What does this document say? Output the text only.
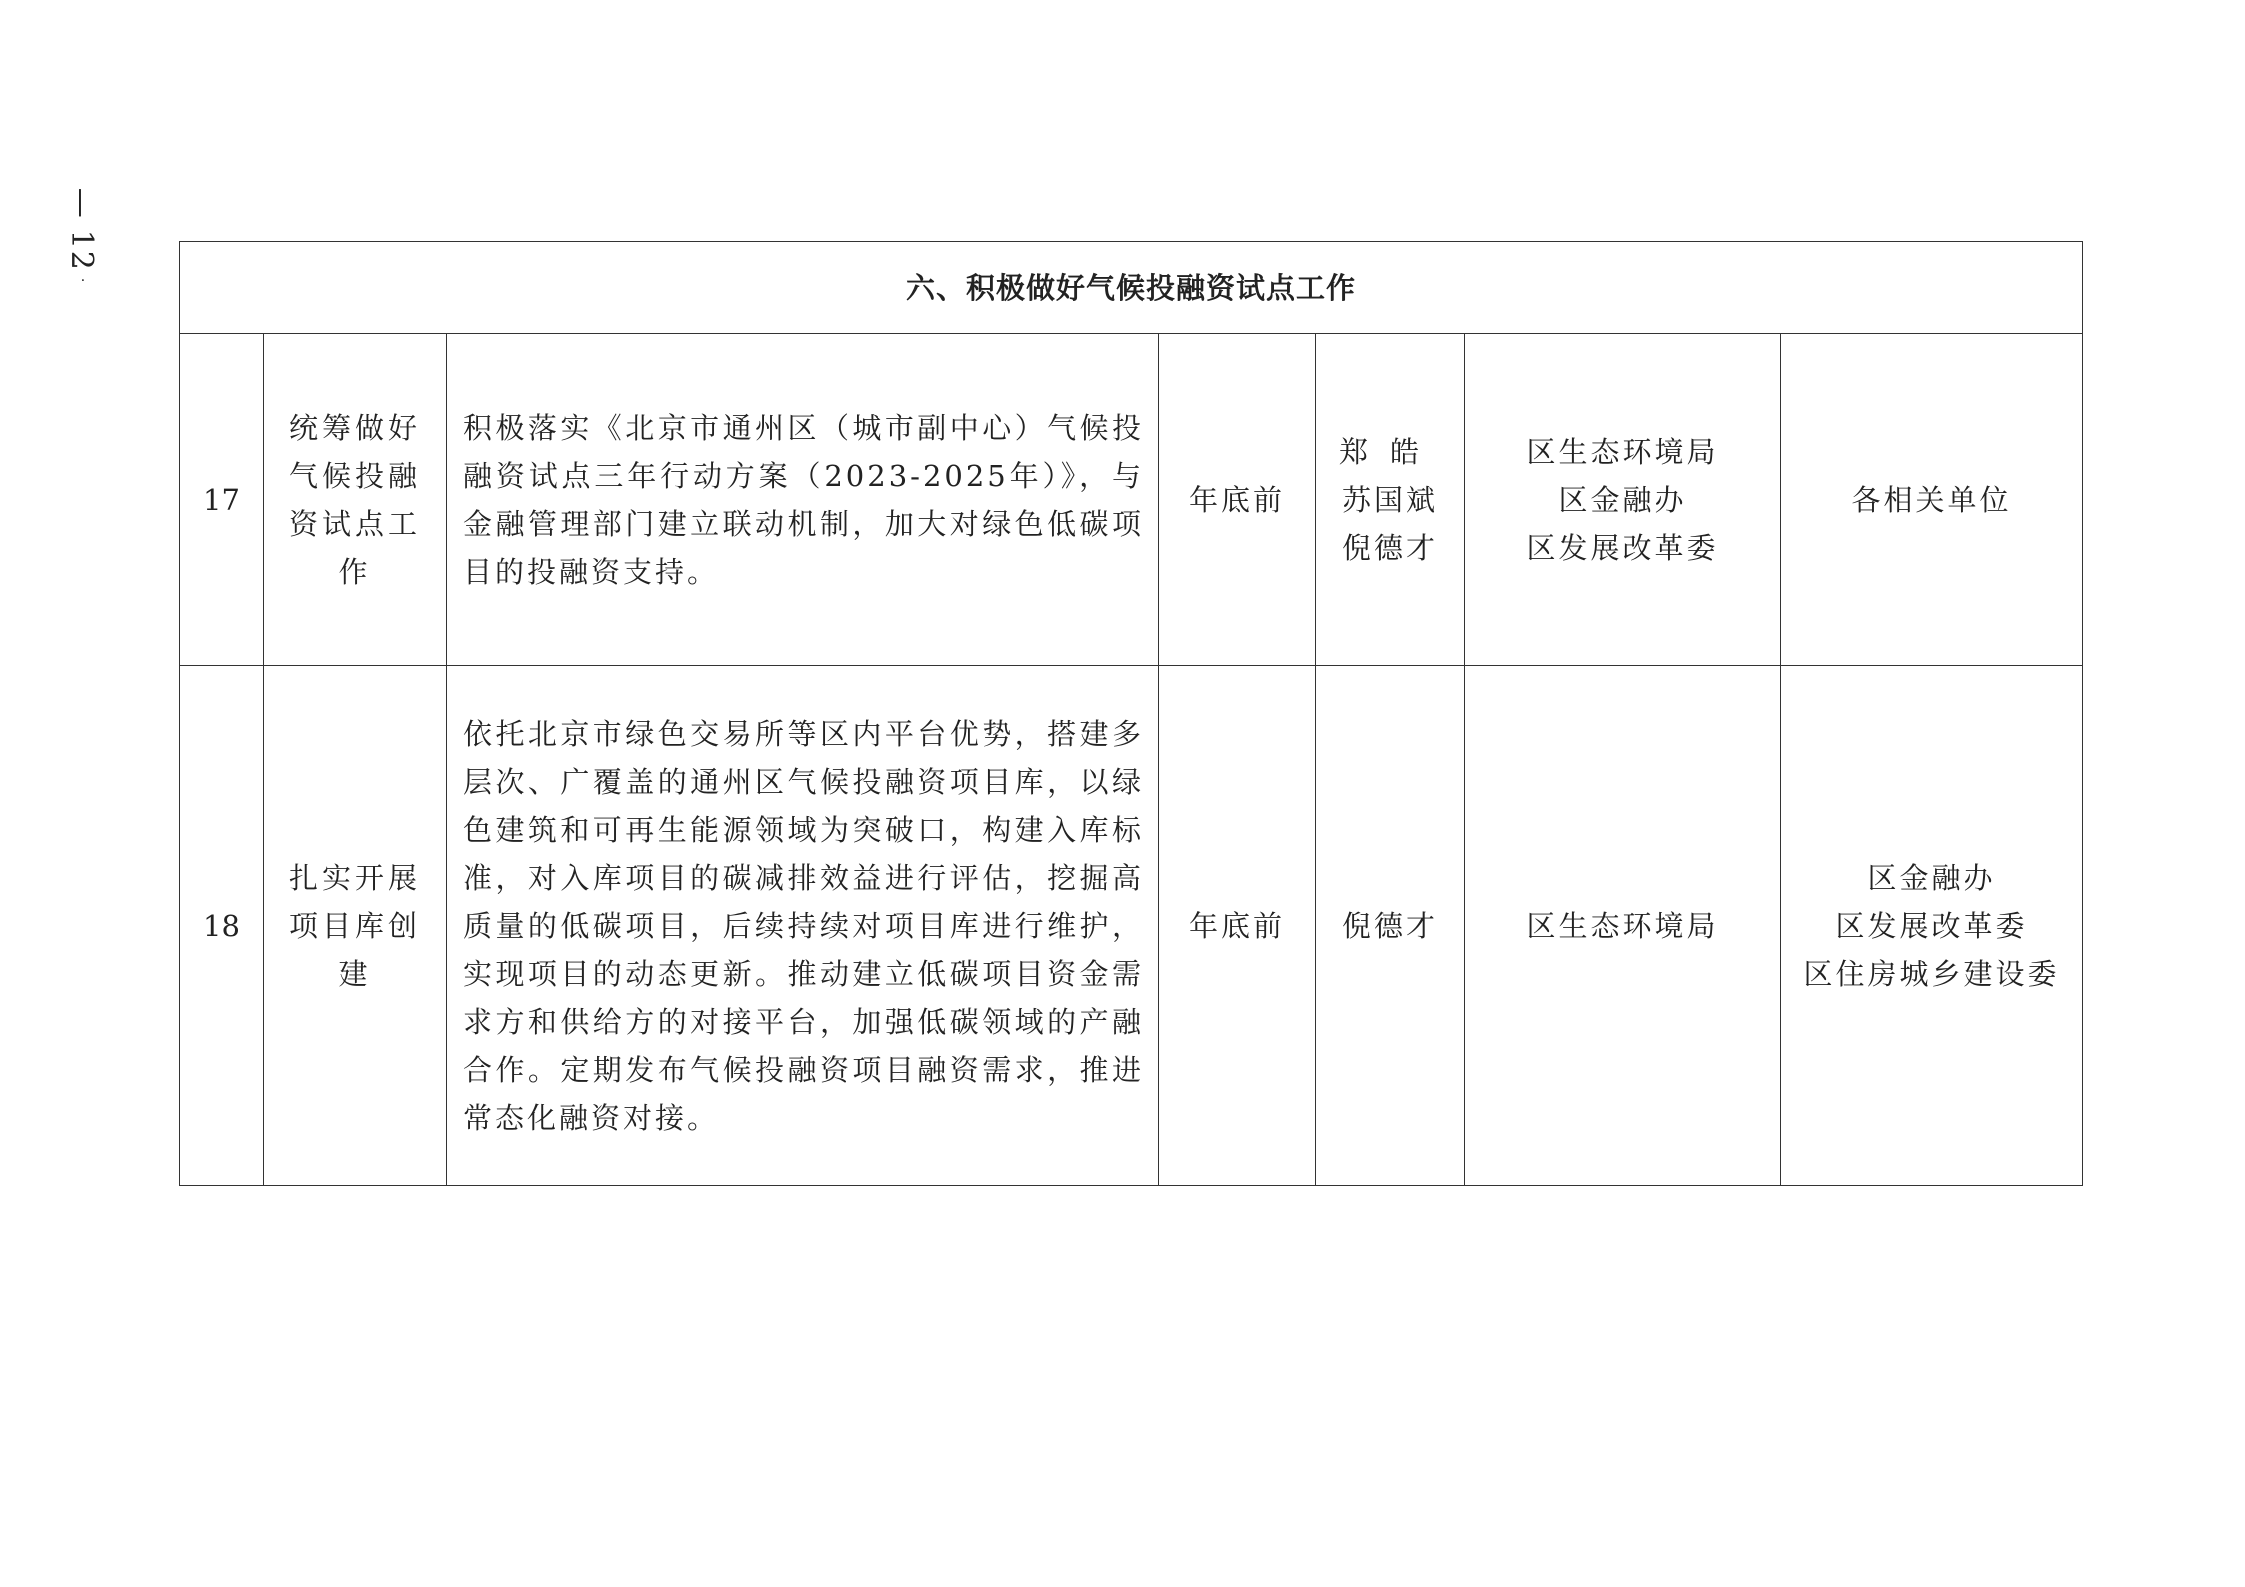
—
12
·	六、积极做好气候投融资试点工作						
17	统筹做好
气候投融
资试点工
作	积极落实《北京市通州区（城市副中心）气候投融资试点三年行动方案（2023-2025年）》，与金融管理部门建立联动机制，加大对绿色低碳项目的投融资支持。	年底前	郑皓
苏国斌
倪德才	区生态环境局
区金融办
区发展改革委	各相关单位

18	扎实开展
项目库创
建	依托北京市绿色交易所等区内平台优势，搭建多层次、广覆盖的通州区气候投融资项目库，以绿色建筑和可再生能源领域为突破口，构建入库标准，对入库项目的碳减排效益进行评估，挖掘高质量的低碳项目，后续持续对项目库进行维护，实现项目的动态更新。推动建立低碳项目资金需求方和供给方的对接平台，加强低碳领域的产融合作。定期发布气候投融资项目融资需求，推进常态化融资对接。	年底前	倪德才	区生态环境局	区金融办
区发展改革委
区住房城乡建设委
